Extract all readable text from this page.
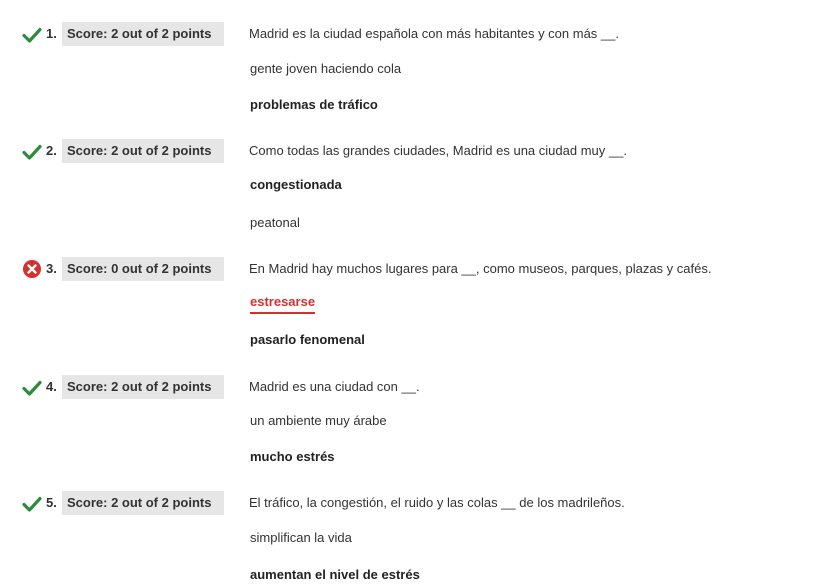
1. Score: 2 out of 2 points	Madrid es la ciudad española con más habitantes y con más __.
gente joven haciendo cola
problemas de tráfico
2. Score: 2 out of 2 points	Como todas las grandes ciudades, Madrid es una ciudad muy __.
congestionada
peatonal
3. Score: 0 out of 2 points	En Madrid hay muchos lugares para __, como museos, parques, plazas y cafés.
estresarse
pasarlo fenomenal
4. Score: 2 out of 2 points	Madrid es una ciudad con __.
un ambiente muy árabe
mucho estrés
5. Score: 2 out of 2 points	El tráfico, la congestión, el ruido y las colas __ de los madrileños.
simplifican la vida
aumentan el nivel de estrés
